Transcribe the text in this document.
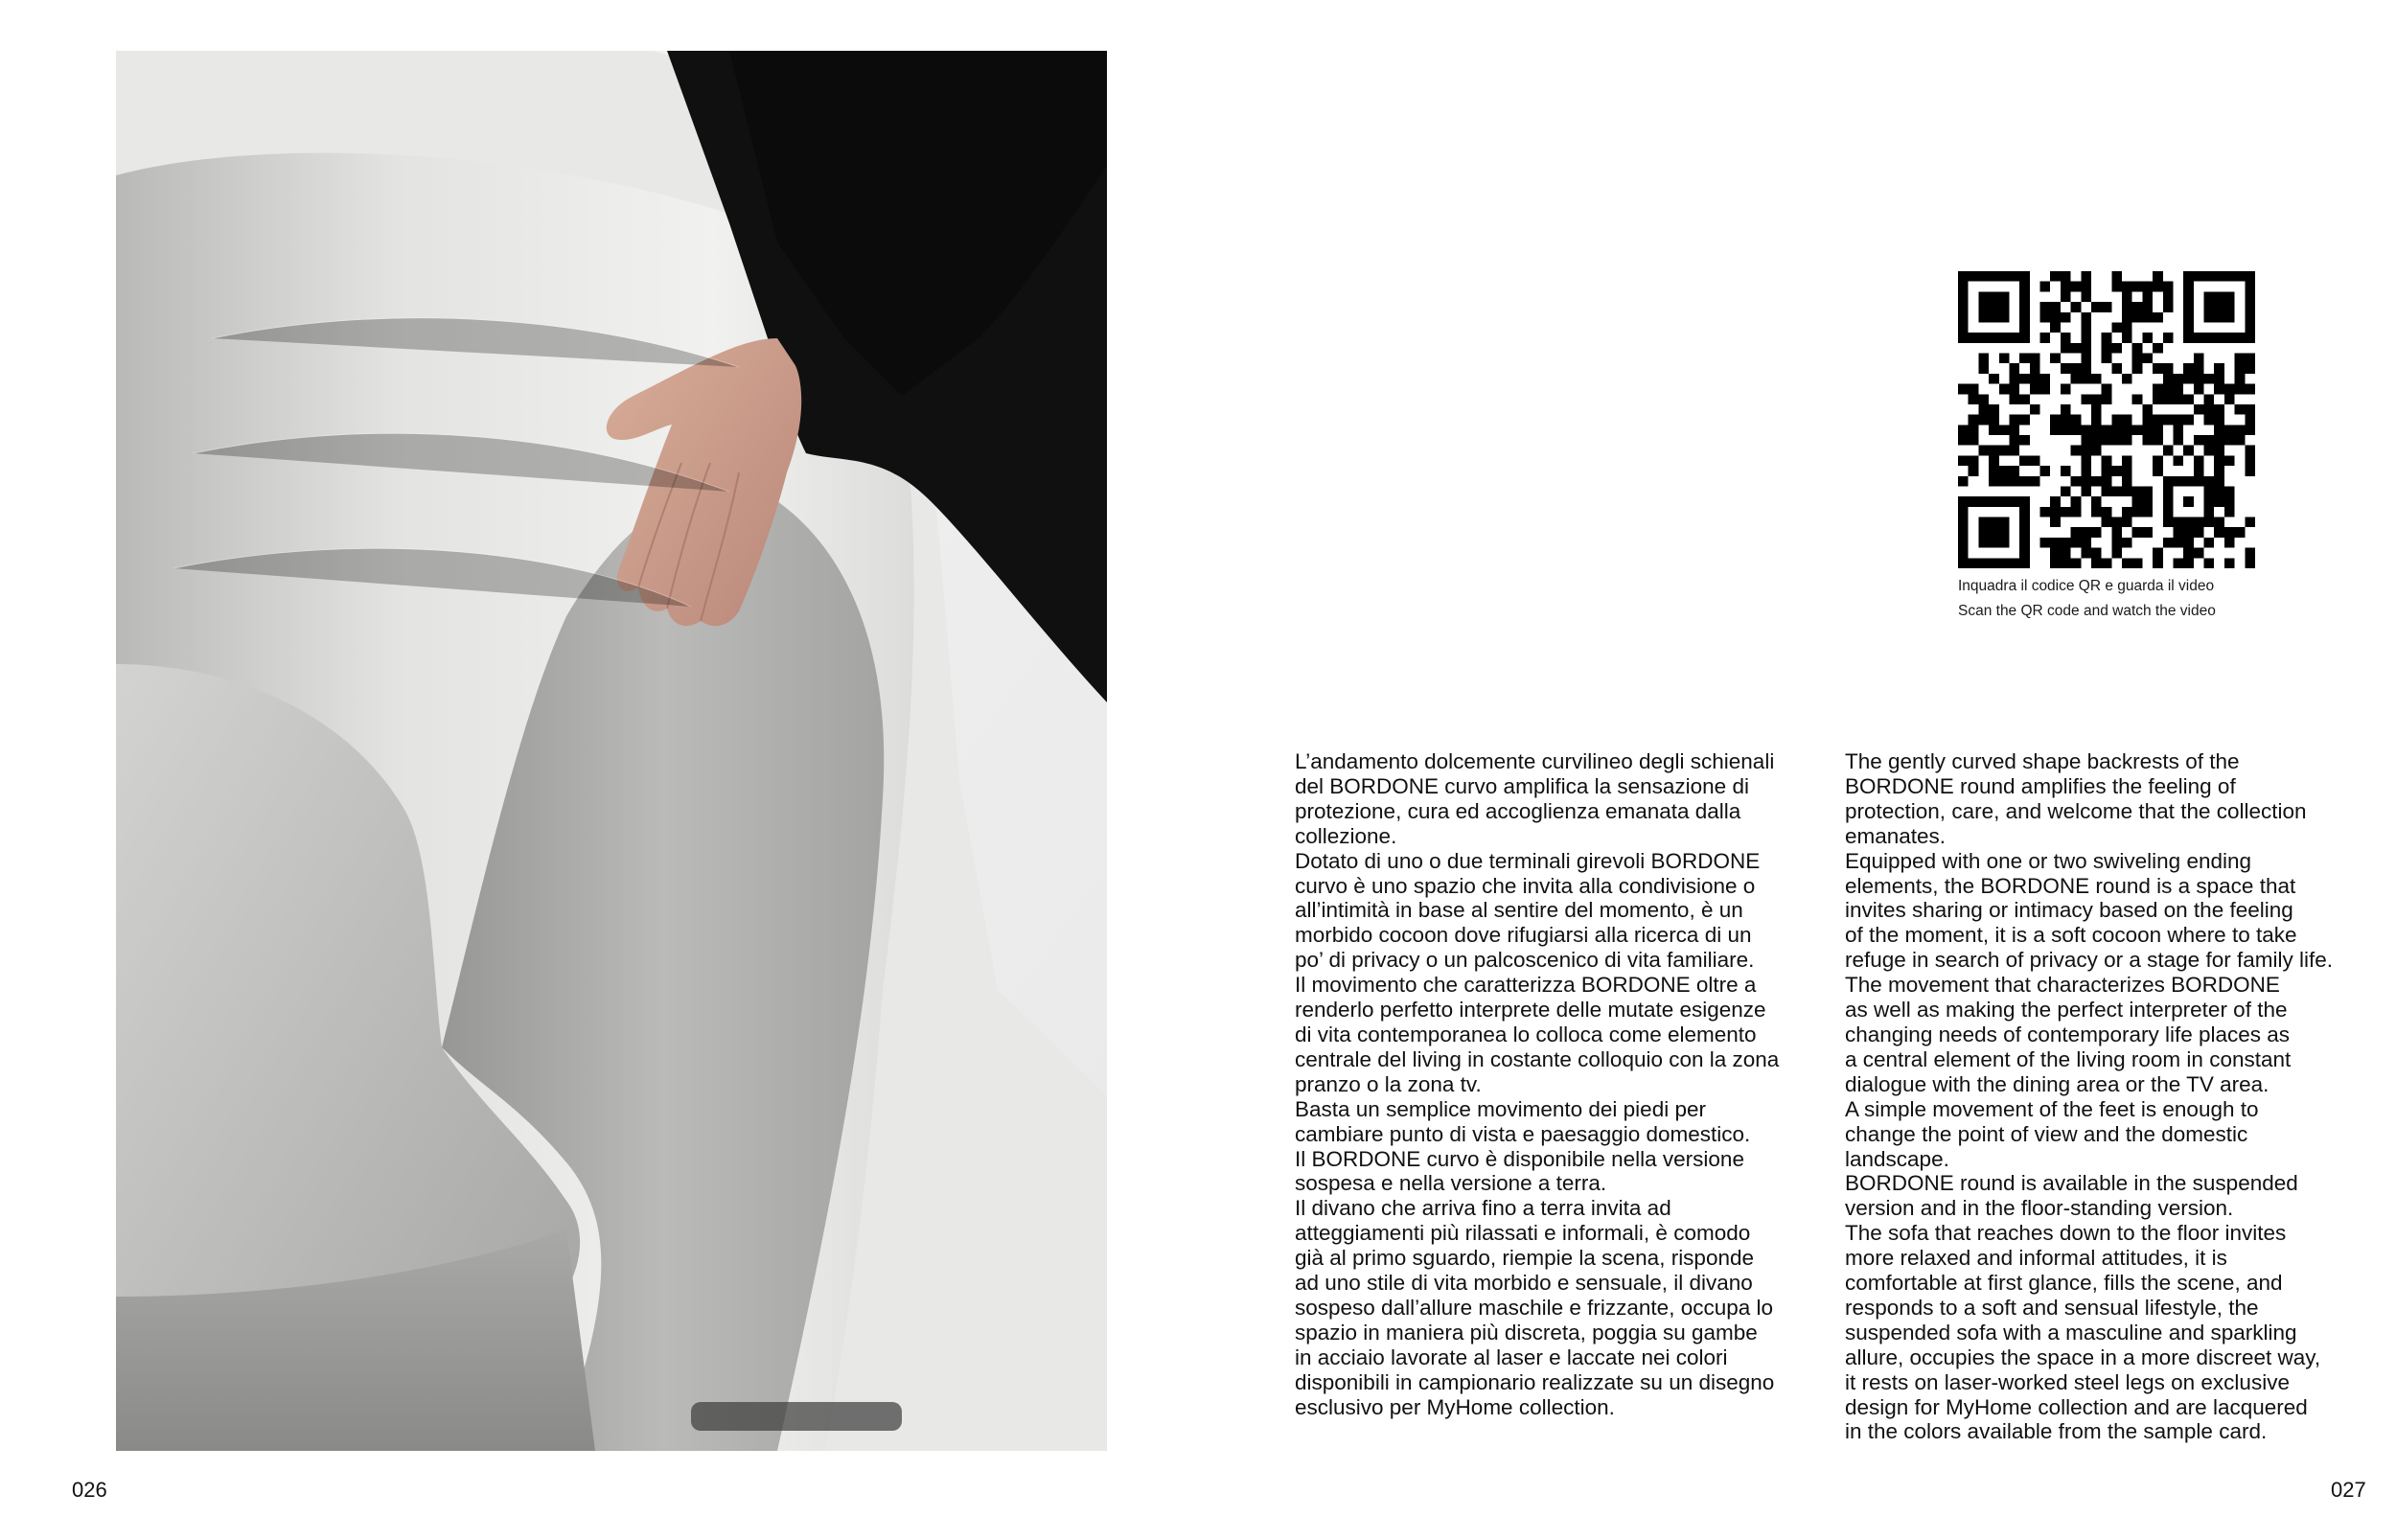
Inquadra il codice QR e guarda il video

Scan the QR code and watch the video

L’andamento dolcemente curvilineo degli schienali

del BORDONE curvo amplifica la sensazione di

protezione, cura ed accoglienza emanata dalla

collezione.

Dotato di uno o due terminali girevoli BORDONE

curvo è uno spazio che invita alla condivisione o

all’intimità in base al sentire del momento, è un

morbido cocoon dove rifugiarsi alla ricerca di un

po’ di privacy o un palcoscenico di vita familiare.

Il movimento che caratterizza BORDONE oltre a

renderlo perfetto interprete delle mutate esigenze

di vita contemporanea lo colloca come elemento

centrale del living in costante colloquio con la zona

pranzo o la zona tv.

Basta un semplice movimento dei piedi per

cambiare punto di vista e paesaggio domestico.

Il BORDONE curvo è disponibile nella versione

sospesa e nella versione a terra.

Il divano che arriva fino a terra invita ad

atteggiamenti più rilassati e informali, è comodo

già al primo sguardo, riempie la scena, risponde

ad uno stile di vita morbido e sensuale, il divano

sospeso dall’allure maschile e frizzante, occupa lo

spazio in maniera più discreta, poggia su gambe

in acciaio lavorate al laser e laccate nei colori

disponibili in campionario realizzate su un disegno

esclusivo per MyHome collection.

The gently curved shape backrests of the

BORDONE round amplifies the feeling of

protection, care, and welcome that the collection

emanates.

Equipped with one or two swiveling ending

elements, the BORDONE round is a space that

invites sharing or intimacy based on the feeling

of the moment, it is a soft cocoon where to take

refuge in search of privacy or a stage for family life.

The movement that characterizes BORDONE

as well as making the perfect interpreter of the

changing needs of contemporary life places as

a central element of the living room in constant

dialogue with the dining area or the TV area.

A simple movement of the feet is enough to

change the point of view and the domestic

landscape.

BORDONE round is available in the suspended

version and in the floor-standing version.

The sofa that reaches down to the floor invites

more relaxed and informal attitudes, it is

comfortable at first glance, fills the scene, and

responds to a soft and sensual lifestyle, the

suspended sofa with a masculine and sparkling

allure, occupies the space in a more discreet way,

it rests on laser-worked steel legs on exclusive

design for MyHome collection and are lacquered

in the colors available from the sample card.

026	027
